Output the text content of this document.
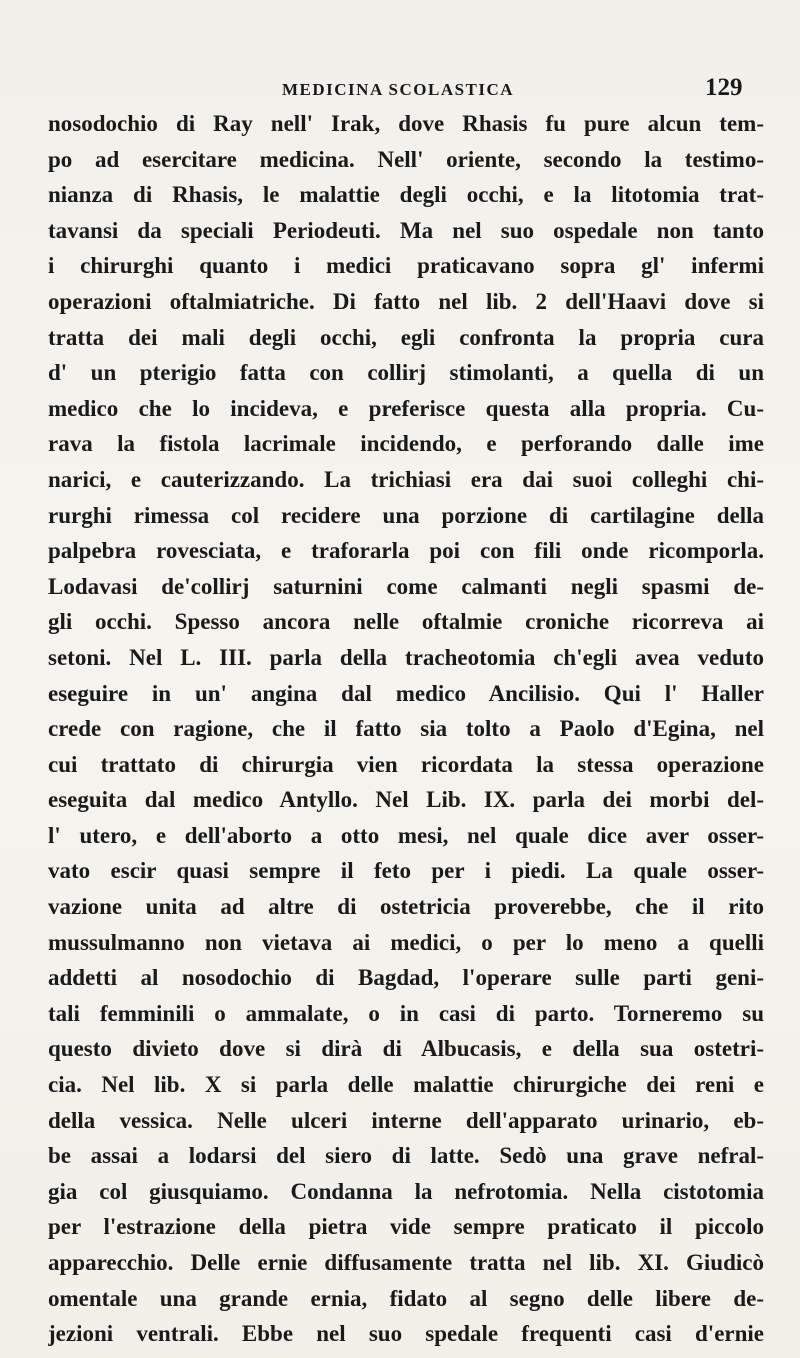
MEDICINA SCOLASTICA	129
nosodochio di Ray nell' Irak, dove Rhasis fu pure alcun tem-
po ad esercitare medicina. Nell' oriente, secondo la testimo-
nianza di Rhasis, le malattie degli occhi, e la litotomia trat-
tavansi da speciali Periodeuti. Ma nel suo ospedale non tanto
i chirurghi quanto i medici praticavano sopra gl' infermi
operazioni oftalmiatriche. Di fatto nel lib. 2 dell'Haavi dove si
tratta dei mali degli occhi, egli confronta la propria cura
d' un pterigio fatta con collirj stimolanti, a quella di un
medico che lo incideva, e preferisce questa alla propria. Cu-
rava la fistola lacrimale incidendo, e perforando dalle ime
narici, e cauterizzando. La trichiasi era dai suoi colleghi chi-
rurghi rimessa col recidere una porzione di cartilagine della
palpebra rovesciata, e traforarla poi con fili onde ricomporla.
Lodavasi de'collirj saturnini come calmanti negli spasmi de-
gli occhi. Spesso ancora nelle oftalmie croniche ricorreva ai
setoni. Nel L. III. parla della tracheotomia ch'egli avea veduto
eseguire in un' angina dal medico Ancilisio. Qui l' Haller
crede con ragione, che il fatto sia tolto a Paolo d'Egina, nel
cui trattato di chirurgia vien ricordata la stessa operazione
eseguita dal medico Antyllo. Nel Lib. IX. parla dei morbi del-
l' utero, e dell'aborto a otto mesi, nel quale dice aver osser-
vato escir quasi sempre il feto per i piedi. La quale osser-
vazione unita ad altre di ostetricia proverebbe, che il rito
mussulmanno non vietava ai medici, o per lo meno a quelli
addetti al nosodochio di Bagdad, l'operare sulle parti geni-
tali femminili o ammalate, o in casi di parto. Torneremo su
questo divieto dove si dirà di Albucasis, e della sua ostetri-
cia. Nel lib. X si parla delle malattie chirurgiche dei reni e
della vessica. Nelle ulceri interne dell'apparato urinario, eb-
be assai a lodarsi del siero di latte. Sedò una grave nefral-
gia col giusquiamo. Condanna la nefrotomia. Nella cistotomia
per l'estrazione della pietra vide sempre praticato il piccolo
apparecchio. Delle ernie diffusamente tratta nel lib. XI. Giudicò
omentale una grande ernia, fidato al segno delle libere de-
jezioni ventrali. Ebbe nel suo spedale frequenti casi d'ernie
